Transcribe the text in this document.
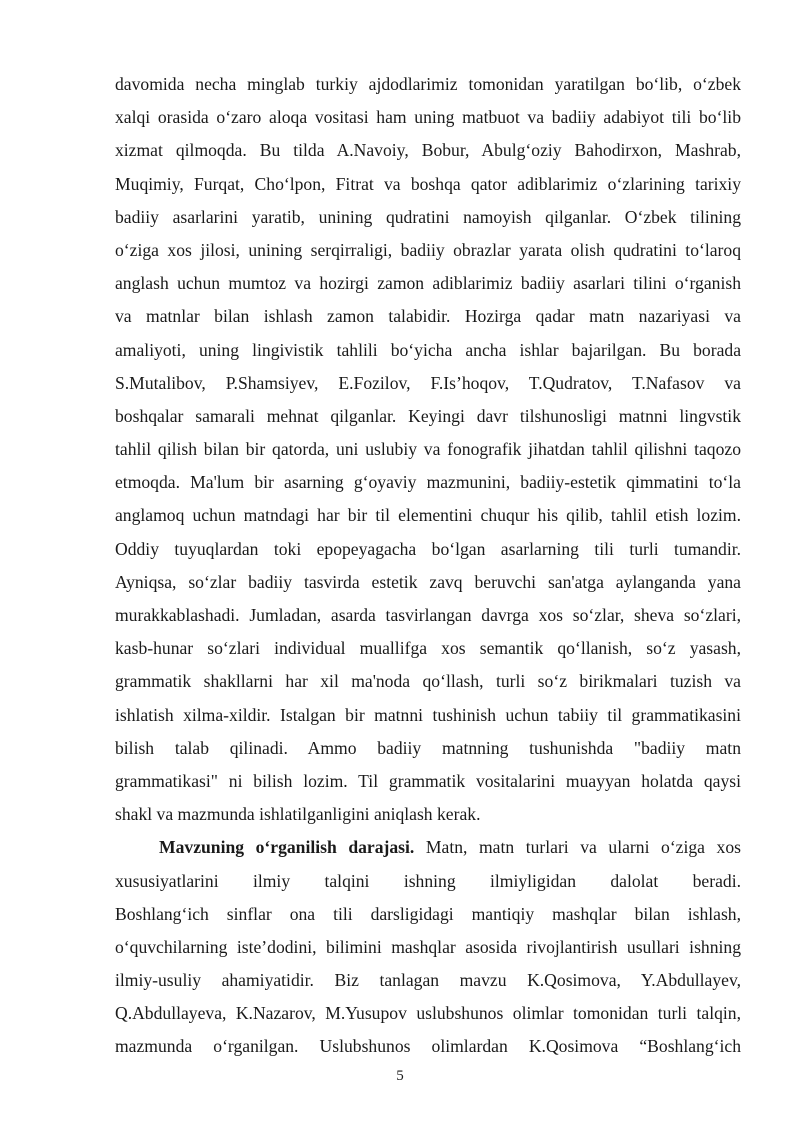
davomida necha minglab turkiy ajdodlarimiz tomonidan yaratilgan bo‘lib, o‘zbek
xalqi orasida o‘zaro aloqa vositasi ham uning matbuot va badiiy adabiyot tili bo‘lib
xizmat qilmoqda. Bu tilda A.Navoiy, Bobur, Abulg‘oziy Bahodirxon, Mashrab,
Muqimiy, Furqat, Cho‘lpon, Fitrat va boshqa qator adiblarimiz o‘zlarining tarixiy
badiiy asarlarini yaratib, unining qudratini namoyish qilganlar. O‘zbek tilining
o‘ziga xos jilosi, unining serqirraligi, badiiy obrazlar yarata olish qudratini to‘laroq
anglash uchun mumtoz va hozirgi zamon adiblarimiz badiiy asarlari tilini o‘rganish
va matnlar bilan ishlash zamon talabidir. Hozirga qadar matn nazariyasi va
amaliyoti, uning lingivistik tahlili bo‘yicha ancha ishlar bajarilgan. Bu borada
S.Mutalibov, P.Shamsiyev, E.Fozilov, F.Is’hoqov, T.Qudratov, T.Nafasov va
boshqalar samarali mehnat qilganlar. Keyingi davr tilshunosligi matnni lingvstik
tahlil qilish bilan bir qatorda, uni uslubiy va fonografik jihatdan tahlil qilishni taqozo
etmoqda. Ma'lum bir asarning g‘oyaviy mazmunini, badiiy-estetik qimmatini to‘la
anglamoq uchun matndagi har bir til elementini chuqur his qilib, tahlil etish lozim.
Oddiy tuyuqlardan toki epopeyagacha bo‘lgan asarlarning tili turli tumandir.
Ayniqsa, so‘zlar badiiy tasvirda estetik zavq beruvchi san'atga aylanganda yana
murakkablashadi. Jumladan, asarda tasvirlangan davrga xos so‘zlar, sheva so‘zlari,
kasb-hunar so‘zlari individual muallifga xos semantik qo‘llanish, so‘z yasash,
grammatik shakllarni har xil ma'noda qo‘llash, turli so‘z birikmalari tuzish va
ishlatish xilma-xildir. Istalgan bir matnni tushinish uchun tabiiy til grammatikasini
bilish talab qilinadi. Ammo badiiy matnning tushunishda "badiiy matn
grammatikasi" ni bilish lozim. Til grammatik vositalarini muayyan holatda qaysi
shakl va mazmunda ishlatilganligini aniqlash kerak.
Mavzuning o‘rganilish darajasi. Matn, matn turlari va ularni o‘ziga xos
xususiyatlarini ilmiy talqini ishning ilmiyligidan dalolat beradi.
Boshlang‘ich sinflar ona tili darsligidagi mantiqiy mashqlar bilan ishlash,
o‘quvchilarning iste’dodini, bilimini mashqlar asosida rivojlantirish usullari ishning
ilmiy-usuliy ahamiyatidir. Biz tanlagan mavzu K.Qosimova, Y.Abdullayev,
Q.Abdullayeva, K.Nazarov, M.Yusupov uslubshunos olimlar tomonidan turli talqin,
mazmunda o‘rganilgan. Uslubshunos olimlardan K.Qosimova “Boshlang‘ich
5
